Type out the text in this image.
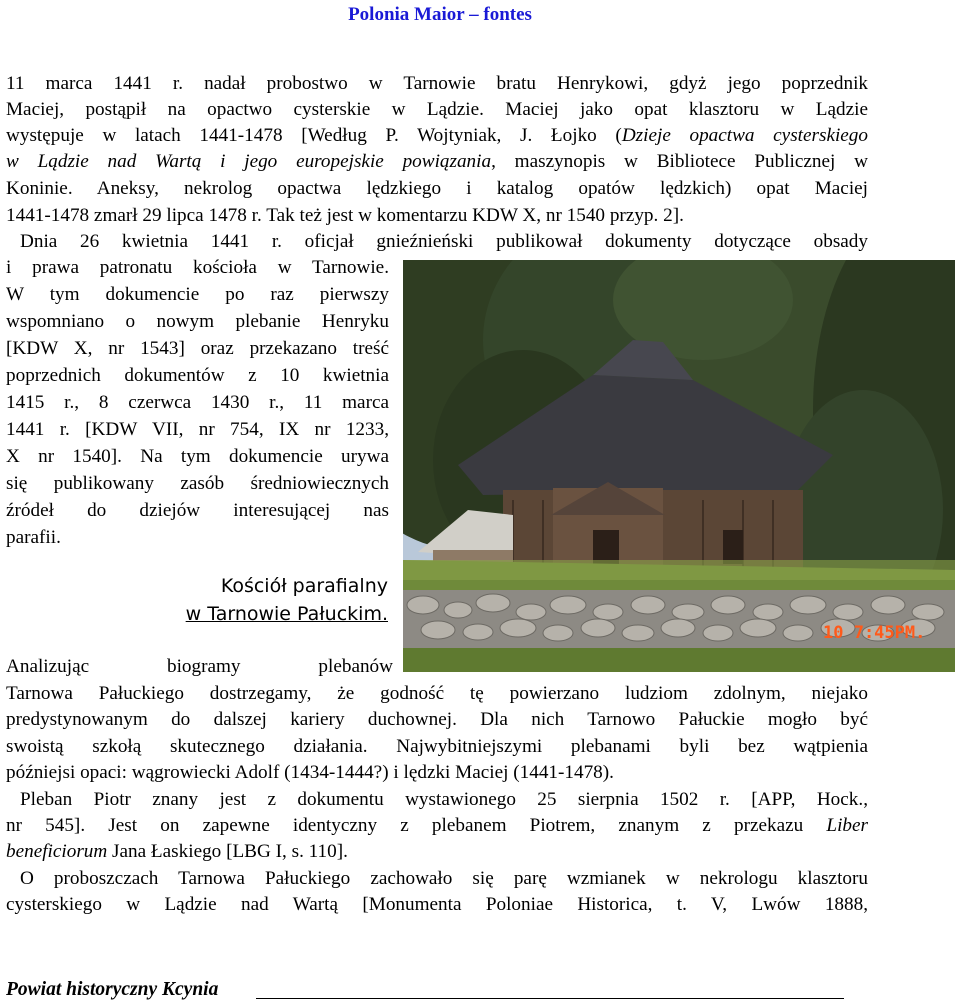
Polonia Maior – fontes
11 marca 1441 r. nadał probostwo w Tarnowie bratu Henrykowi, gdyż jego poprzednik
Maciej, postąpił na opactwo cysterskie w Lądzie. Maciej jako opat klasztoru w Lądzie
występuje w latach 1441-1478 [Według P. Wojtyniak, J. Łojko (Dzieje opactwa cysterskiego
w Lądzie nad Wartą i jego europejskie powiązania, maszynopis w Bibliotece Publicznej w
Koninie. Aneksy, nekrolog opactwa lędzkiego i katalog opatów lędzkich) opat Maciej
1441-1478 zmarł 29 lipca 1478 r. Tak też jest w komentarzu KDW X, nr 1540 przyp. 2].
Dnia 26 kwietnia 1441 r. oficjał gnieźnieński publikował dokumenty dotyczące obsady
i prawa patronatu kościoła w Tarnowie.
W tym dokumencie po raz pierwszy
wspomniano o nowym plebanie Henryku
[KDW X, nr 1543] oraz przekazano treść
poprzednich dokumentów z 10 kwietnia
1415 r., 8 czerwca 1430 r., 11 marca
1441 r. [KDW VII, nr 754, IX nr 1233,
X nr 1540]. Na tym dokumencie urywa
się publikowany zasób średniowiecznych
źródeł do dziejów interesującej nas
parafii.
Kościół parafialny
w Tarnowie Pałuckim.
10 7:45PM.
Analizując biogramy plebanów
Tarnowa Pałuckiego dostrzegamy, że godność tę powierzano ludziom zdolnym, niejako
predystynowanym do dalszej kariery duchownej. Dla nich Tarnowo Pałuckie mogło być
swoistą szkołą skutecznego działania. Najwybitniejszymi plebanami byli bez wątpienia
późniejsi opaci: wągrowiecki Adolf (1434-1444?) i lędzki Maciej (1441-1478).
Pleban Piotr znany jest z dokumentu wystawionego 25 sierpnia 1502 r. [APP, Hock.,
nr 545]. Jest on zapewne identyczny z plebanem Piotrem, znanym z przekazu Liber
beneficiorum Jana Łaskiego [LBG I, s. 110].
O proboszczach Tarnowa Pałuckiego zachowało się parę wzmianek w nekrologu klasztoru
cysterskiego w Lądzie nad Wartą [Monumenta Poloniae Historica, t. V, Lwów 1888,
Powiat historyczny Kcynia
